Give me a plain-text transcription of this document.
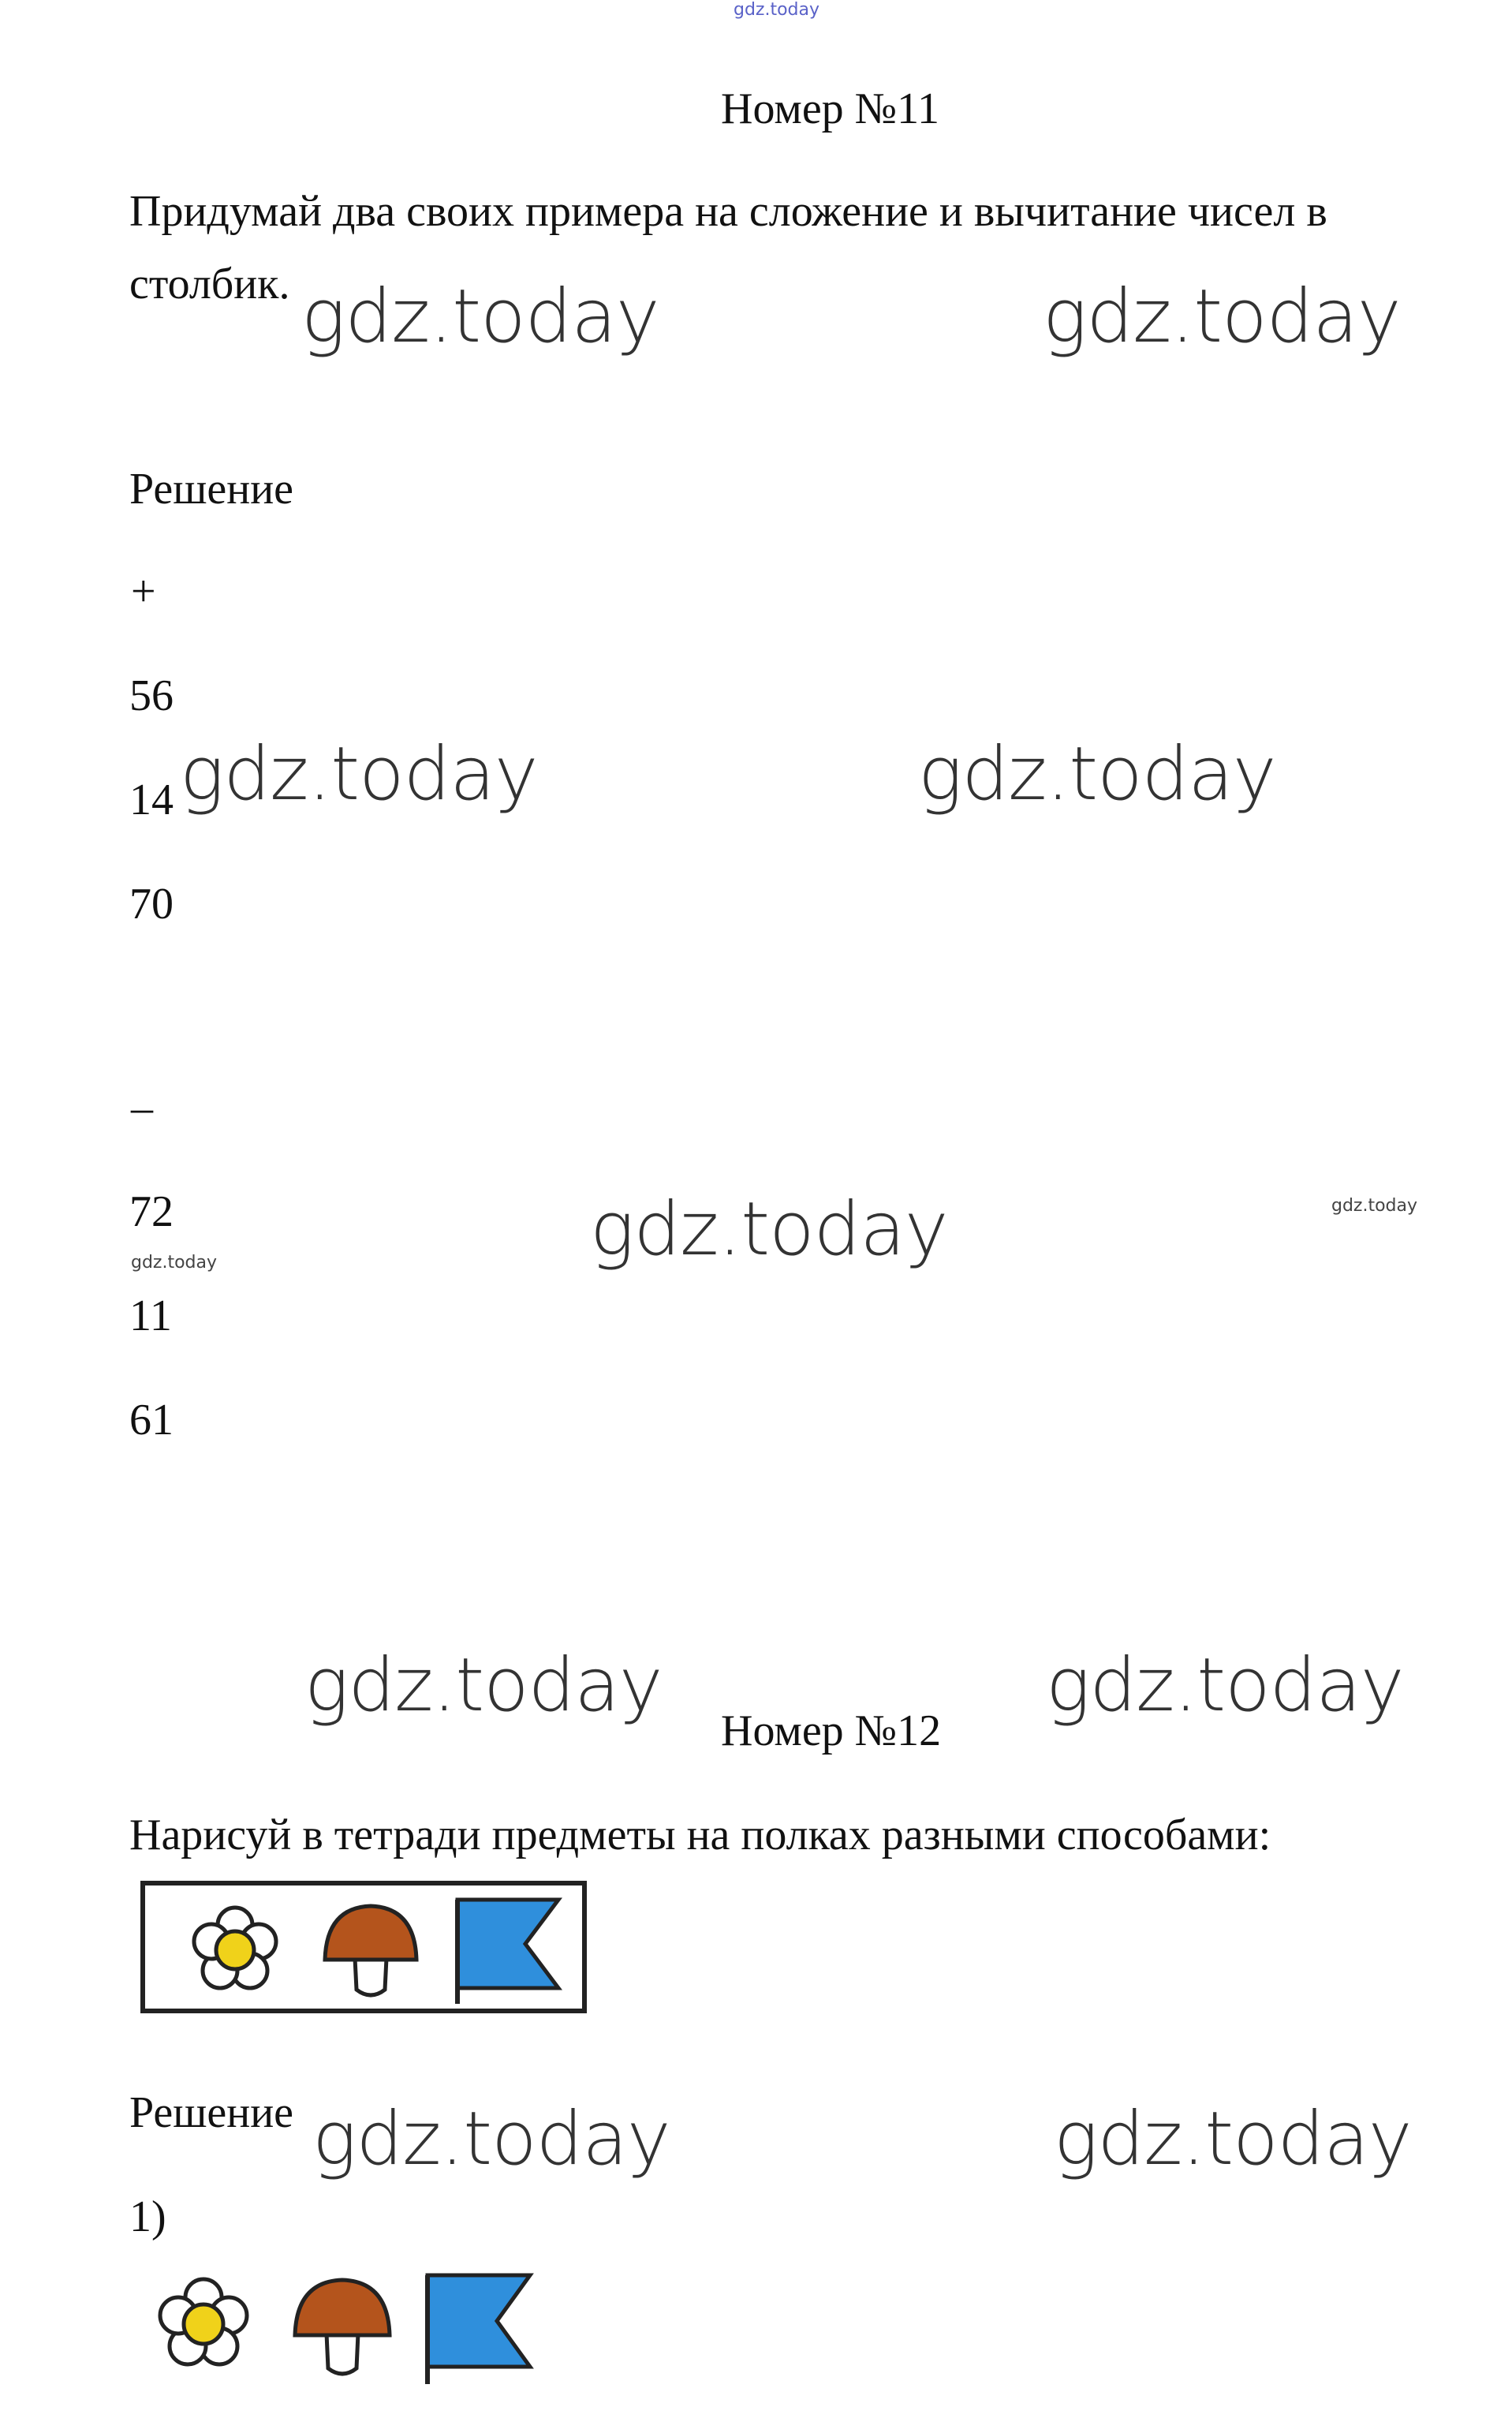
gdz.today
Номер №11
Придумай два своих примера на сложение и вычитание чисел в
столбик. gdz.today	gdz.today
Решение
+
56
14 gdz.today	gdz.today
70
–
72
gdz.today	gdz.today	gdz.today
11
61
gdz.today	gdz.today
Номер №12
Нарисуй в тетради предметы на полках разными способами:
Решение gdz.today	gdz.today
1)
